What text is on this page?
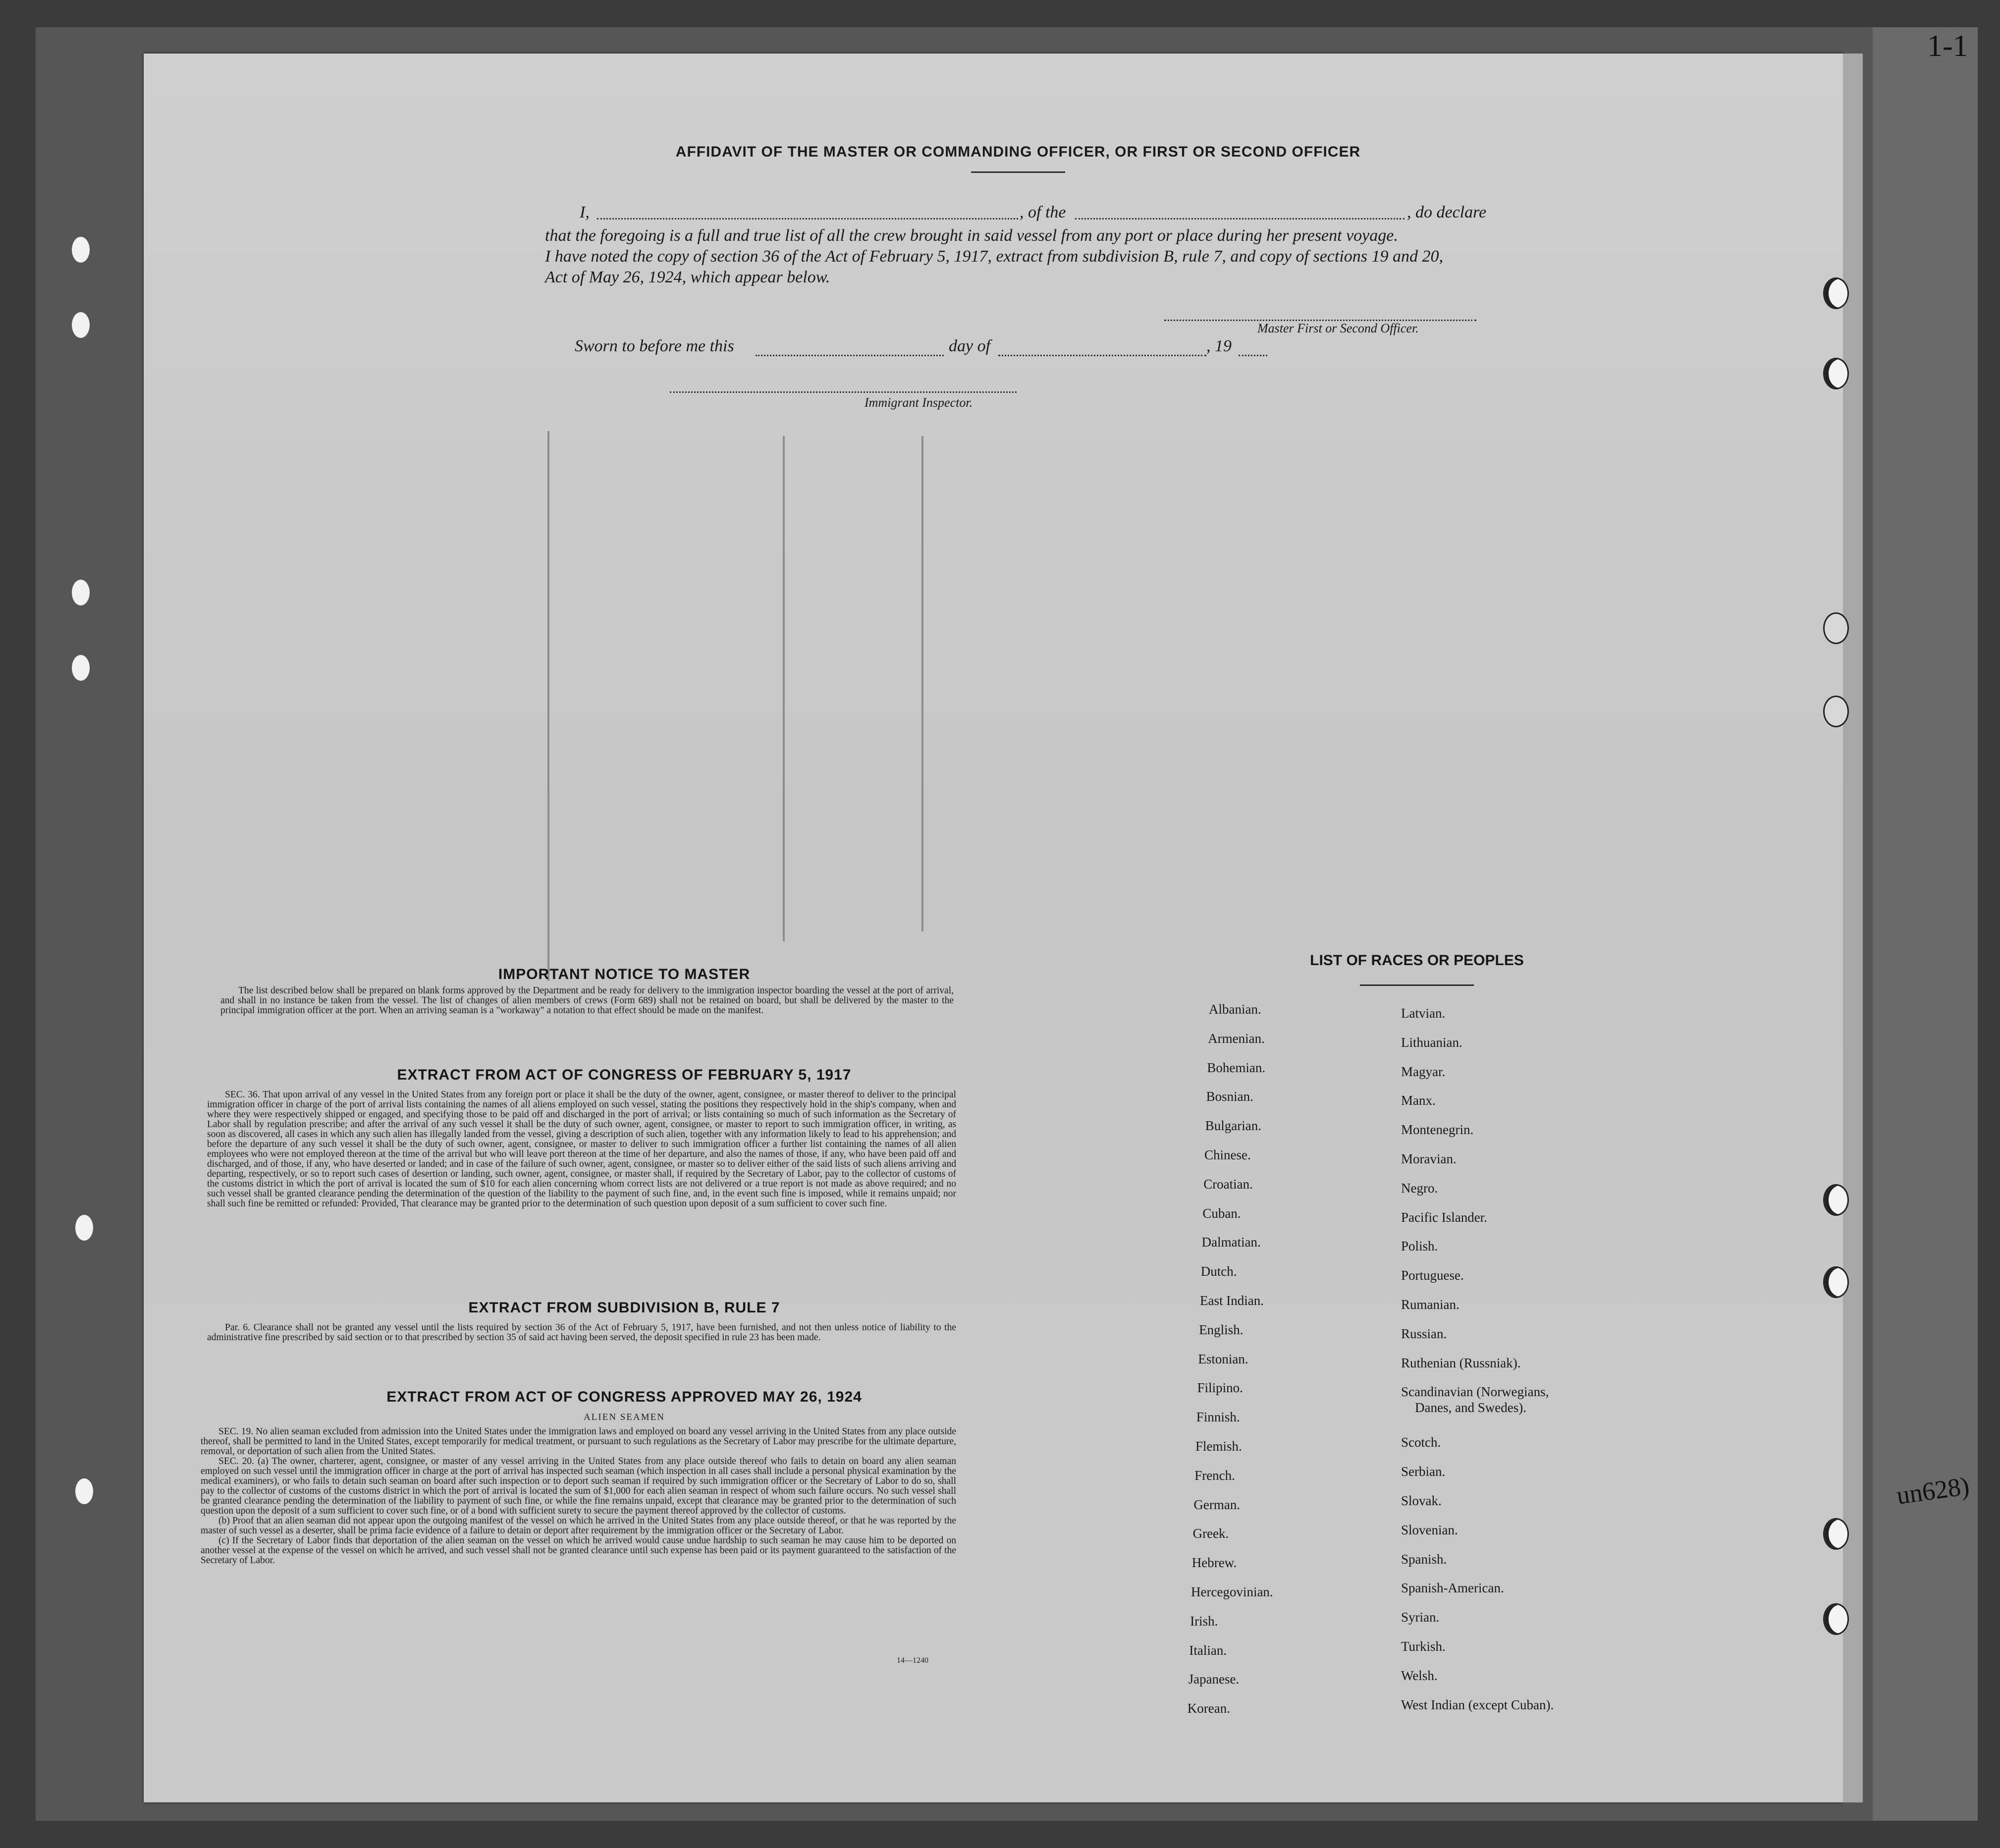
1-1
un628)
AFFIDAVIT OF THE MASTER OR COMMANDING OFFICER, OR FIRST OR SECOND OFFICER
I,	, of the	, do declare
that the foregoing is a full and true list of all the crew brought in said vessel from any port or place during her present voyage.
I have noted the copy of section 36 of the Act of February 5, 1917, extract from subdivision B, rule 7, and copy of sections 19 and 20,
Act of May 26, 1924, which appear below.
Master First or Second Officer.
Sworn to before me this	day of	, 19
Immigrant Inspector.
IMPORTANT NOTICE TO MASTER

The list described below shall be prepared on blank forms approved by the Department and be ready for delivery to the immigration inspector boarding the vessel at the port of arrival, and shall in no instance be taken from the vessel. The list of changes of alien members of crews (Form 689) shall not be retained on board, but shall be delivered by the master to the principal immigration officer at the port. When an arriving seaman is a "workaway" a notation to that effect should be made on the manifest.

EXTRACT FROM ACT OF CONGRESS OF FEBRUARY 5, 1917

SEC. 36. That upon arrival of any vessel in the United States from any foreign port or place it shall be the duty of the owner, agent, consignee, or master thereof to deliver to the principal immigration officer in charge of the port of arrival lists containing the names of all aliens employed on such vessel, stating the positions they respectively hold in the ship's company, when and where they were respectively shipped or engaged, and specifying those to be paid off and discharged in the port of arrival; or lists containing so much of such information as the Secretary of Labor shall by regulation prescribe; and after the arrival of any such vessel it shall be the duty of such owner, agent, consignee, or master to report to such immigration officer, in writing, as soon as discovered, all cases in which any such alien has illegally landed from the vessel, giving a description of such alien, together with any information likely to lead to his apprehension; and before the departure of any such vessel it shall be the duty of such owner, agent, consignee, or master to deliver to such immigration officer a further list containing the names of all alien employees who were not employed thereon at the time of the arrival but who will leave port thereon at the time of her departure, and also the names of those, if any, who have been paid off and discharged, and of those, if any, who have deserted or landed; and in case of the failure of such owner, agent, consignee, or master so to deliver either of the said lists of such aliens arriving and departing, respectively, or so to report such cases of desertion or landing, such owner, agent, consignee, or master shall, if required by the Secretary of Labor, pay to the collector of customs of the customs district in which the port of arrival is located the sum of $10 for each alien concerning whom correct lists are not delivered or a true report is not made as above required; and no such vessel shall be granted clearance pending the determination of the question of the liability to the payment of such fine, and, in the event such fine is imposed, while it remains unpaid; nor shall such fine be remitted or refunded: Provided, That clearance may be granted prior to the determination of such question upon deposit of a sum sufficient to cover such fine.

EXTRACT FROM SUBDIVISION B, RULE 7

Par. 6. Clearance shall not be granted any vessel until the lists required by section 36 of the Act of February 5, 1917, have been furnished, and not then unless notice of liability to the administrative fine prescribed by said section or to that prescribed by section 35 of said act having been served, the deposit specified in rule 23 has been made.

EXTRACT FROM ACT OF CONGRESS APPROVED MAY 26, 1924
ALIEN SEAMEN

SEC. 19. No alien seaman excluded from admission into the United States under the immigration laws and employed on board any vessel arriving in the United States from any place outside thereof, shall be permitted to land in the United States, except temporarily for medical treatment, or pursuant to such regulations as the Secretary of Labor may prescribe for the ultimate departure, removal, or deportation of such alien from the United States.

SEC. 20. (a) The owner, charterer, agent, consignee, or master of any vessel arriving in the United States from any place outside thereof who fails to detain on board any alien seaman employed on such vessel until the immigration officer in charge at the port of arrival has inspected such seaman (which inspection in all cases shall include a personal physical examination by the medical examiners), or who fails to detain such seaman on board after such inspection or to deport such seaman if required by such immigration officer or the Secretary of Labor to do so, shall pay to the collector of customs of the customs district in which the port of arrival is located the sum of $1,000 for each alien seaman in respect of whom such failure occurs. No such vessel shall be granted clearance pending the determination of the liability to payment of such fine, or while the fine remains unpaid, except that clearance may be granted prior to the determination of such question upon the deposit of a sum sufficient to cover such fine, or of a bond with sufficient surety to secure the payment thereof approved by the collector of customs.

(b) Proof that an alien seaman did not appear upon the outgoing manifest of the vessel on which he arrived in the United States from any place outside thereof, or that he was reported by the master of such vessel as a deserter, shall be prima facie evidence of a failure to detain or deport after requirement by the immigration officer or the Secretary of Labor.

(c) If the Secretary of Labor finds that deportation of the alien seaman on the vessel on which he arrived would cause undue hardship to such seaman he may cause him to be deported on another vessel at the expense of the vessel on which he arrived, and such vessel shall not be granted clearance until such expense has been paid or its payment guaranteed to the satisfaction of the Secretary of Labor.

14—1240
LIST OF RACES OR PEOPLES
Albanian.
Armenian.
Bohemian.
Bosnian.
Bulgarian.
Chinese.
Croatian.
Cuban.
Dalmatian.
Dutch.
East Indian.
English.
Estonian.
Filipino.
Finnish.
Flemish.
French.
German.
Greek.
Hebrew.
Hercegovinian.
Irish.
Italian.
Japanese.
Korean.
Latvian.
Lithuanian.
Magyar.
Manx.
Montenegrin.
Moravian.
Negro.
Pacific Islander.
Polish.
Portuguese.
Rumanian.
Russian.
Ruthenian (Russniak).
Scandinavian (Norwegians,
Danes, and Swedes).
Scotch.
Serbian.
Slovak.
Slovenian.
Spanish.
Spanish-American.
Syrian.
Turkish.
Welsh.
West Indian (except Cuban).
